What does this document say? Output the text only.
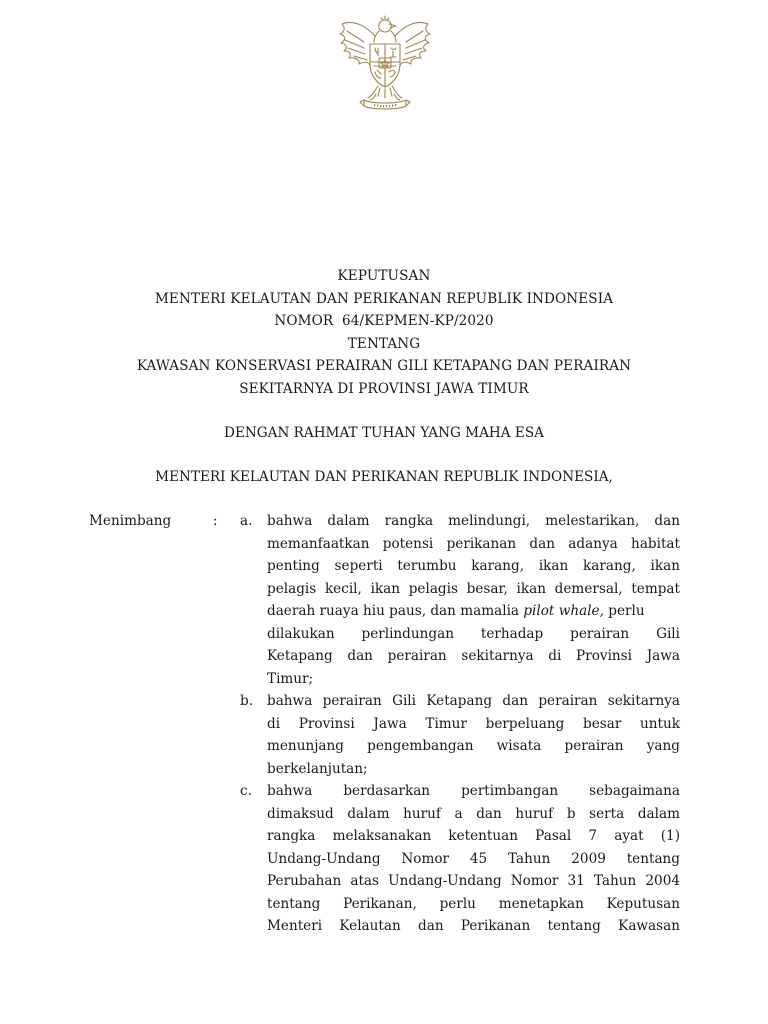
KEPUTUSAN
MENTERI KELAUTAN DAN PERIKANAN REPUBLIK INDONESIA
NOMOR  64/KEPMEN-KP/2020
TENTANG
KAWASAN KONSERVASI PERAIRAN GILI KETAPANG DAN PERAIRAN
SEKITARNYA DI PROVINSI JAWA TIMUR
DENGAN RAHMAT TUHAN YANG MAHA ESA
MENTERI KELAUTAN DAN PERIKANAN REPUBLIK INDONESIA,
Menimbang	: a. bahwa dalam rangka melindungi, melestarikan, dan
memanfaatkan potensi perikanan dan adanya habitat
penting seperti terumbu karang, ikan karang, ikan
pelagis kecil, ikan pelagis besar, ikan demersal, tempat
daerah ruaya hiu paus, dan mamalia pilot whale, perlu
dilakukan perlindungan terhadap perairan Gili
Ketapang dan perairan sekitarnya di Provinsi Jawa
Timur;
b. bahwa perairan Gili Ketapang dan perairan sekitarnya
di Provinsi Jawa Timur berpeluang besar untuk
menunjang pengembangan wisata perairan yang
berkelanjutan;
c. bahwa berdasarkan pertimbangan sebagaimana
dimaksud dalam huruf a dan huruf b serta dalam
rangka melaksanakan ketentuan Pasal 7 ayat (1)
Undang-Undang Nomor 45 Tahun 2009 tentang
Perubahan atas Undang-Undang Nomor 31 Tahun 2004
tentang Perikanan, perlu menetapkan Keputusan
Menteri Kelautan dan Perikanan tentang Kawasan
